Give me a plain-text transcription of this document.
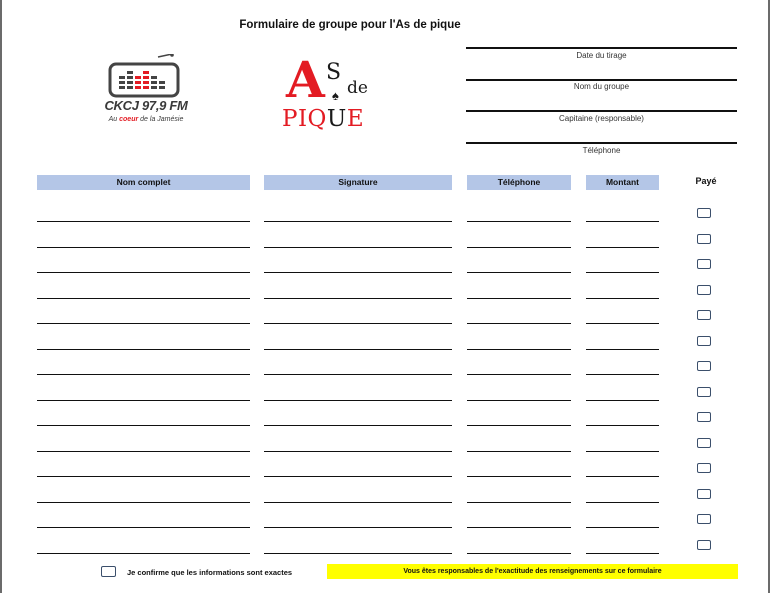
Formulaire de groupe pour l'As de pique
CKCJ 97,9 FM
Au coeur de la Jamésie
A S
♠ de
PIQUE
Date du tirage
Nom du groupe
Capitaine (responsable)
Téléphone
Nom complet	Signature	Téléphone	Montant	Payé
Je confirme que les informations sont exactes	Vous êtes responsables de l'exactitude des renseignements sur ce formulaire
